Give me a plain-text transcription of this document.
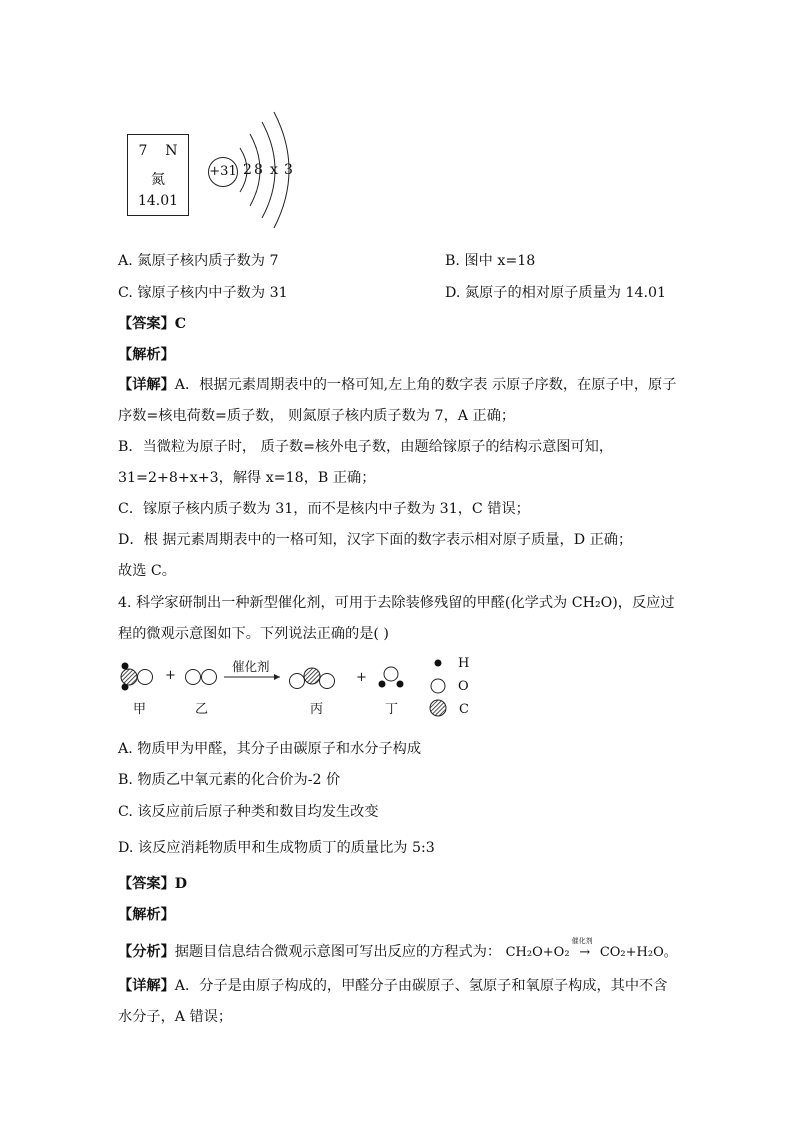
7 N
氮
14.01
+31 2 8 x 3
A. 氮原子核内质子数为 7	B. 图中 x=18
C. 镓原子核内中子数为 31	D. 氮原子的相对原子质量为 14.01
【答案】C
【解析】
【详解】A．根据元素周期表中的一格可知,左上角的数字表 示原子序数，在原子中，原子
序数=核电荷数=质子数， 则氮原子核内质子数为 7，A 正确；
B．当微粒为原子时， 质子数=核外电子数，由题给镓原子的结构示意图可知，
31=2+8+x+3，解得 x=18，B 正确；
C．镓原子核内质子数为 31，而不是核内中子数为 31，C 错误；
D．根 据元素周期表中的一格可知，汉字下面的数字表示相对原子质量，D 正确；
故选 C。
4. 科学家研制出一种新型催化剂，可用于去除装修残留的甲醛(化学式为 CH₂O)，反应过
程的微观示意图如下。下列说法正确的是( )
催化剂
+	+
甲	乙	丙	丁
H
O
C
A. 物质甲为甲醛，其分子由碳原子和水分子构成
B. 物质乙中氧元素的化合价为-2 价
C. 该反应前后原子种类和数目均发生改变
D. 该反应消耗物质甲和生成物质丁的质量比为 5:3
【答案】D
【解析】
【分析】据题目信息结合微观示意图可写出反应的方程式为： CH₂O+O₂
催化剂
→ CO₂+H₂O。
【详解】A．分子是由原子构成的，甲醛分子由碳原子、氢原子和氧原子构成，其中不含
水分子，A 错误；
